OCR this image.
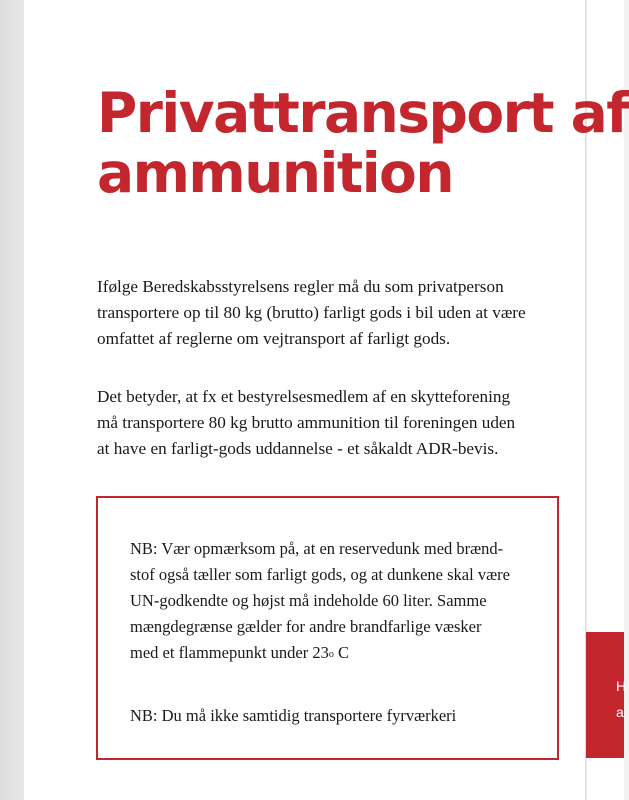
Privattransport af
ammunition

Ifølge Beredskabsstyrelsens regler må du som privatperson
transportere op til 80 kg (brutto) farligt gods i bil uden at være
omfattet af reglerne om vejtransport af farligt gods.

Det betyder, at fx et bestyrelsesmedlem af en skytteforening
må transportere 80 kg brutto ammunition til foreningen uden
at have en farligt-gods uddannelse - et såkaldt ADR-bevis.

NB: Vær opmærksom på, at en reservedunk med brænd-
stof også tæller som farligt gods, og at dunkene skal være
UN-godkendte og højst må indeholde 60 liter. Samme
mængdegrænse gælder for andre brandfarlige væsker
med et flammepunkt under 23$^o$ C

NB: Du må ikke samtidig transportere fyrværkeri

H
a
